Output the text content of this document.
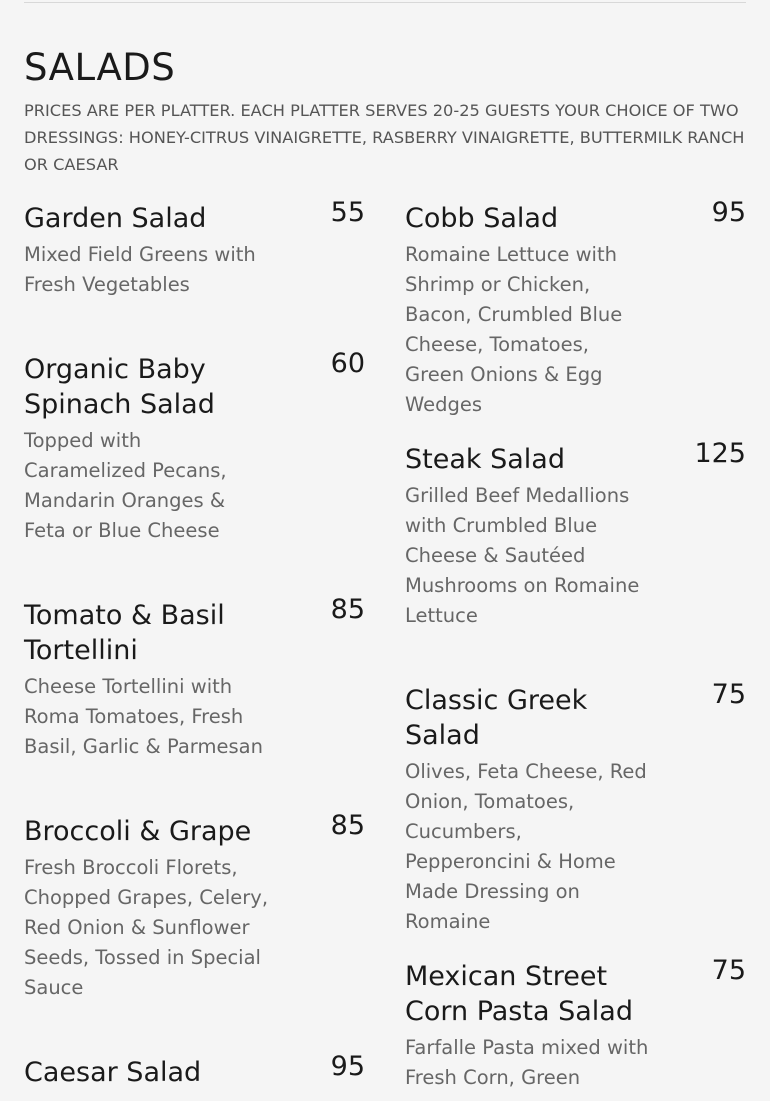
SALADS

PRICES ARE PER PLATTER. EACH PLATTER SERVES 20-25 GUESTS YOUR CHOICE OF TWO DRESSINGS: HONEY-CITRUS VINAIGRETTE, RASBERRY VINAIGRETTE, BUTTERMILK RANCH OR CAESAR

Garden Salad	55
Mixed Field Greens with Fresh Vegetables
Organic Baby Spinach Salad
60
Topped with Caramelized Pecans, Mandarin Oranges & Feta or Blue Cheese
Tomato & Basil Tortellini
85
Cheese Tortellini with Roma Tomatoes, Fresh Basil, Garlic & Parmesan
Broccoli & Grape	85
Fresh Broccoli Florets, Chopped Grapes, Celery, Red Onion & Sunflower Seeds, Tossed in Special Sauce
Caesar Salad	95
Cobb Salad	95
Romaine Lettuce with Shrimp or Chicken, Bacon, Crumbled Blue Cheese, Tomatoes, Green Onions & Egg Wedges
Steak Salad	125
Grilled Beef Medallions with Crumbled Blue Cheese & Sautéed Mushrooms on Romaine Lettuce
Classic Greek Salad
75
Olives, Feta Cheese, Red Onion, Tomatoes, Cucumbers, Pepperoncini & Home Made Dressing on Romaine
Mexican Street Corn Pasta Salad
75
Farfalle Pasta mixed with Fresh Corn, Green
